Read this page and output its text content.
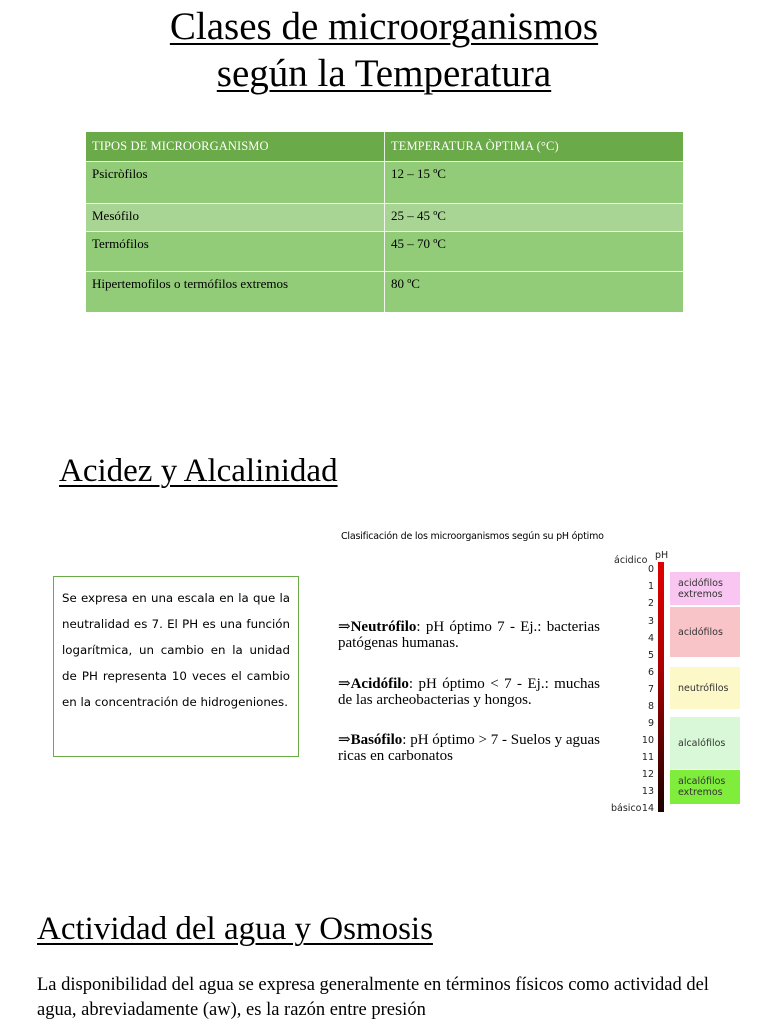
Clases de microorganismos
según la Temperatura
TIPOS DE MICROORGANISMO	TEMPERATURA ÒPTIMA (°C)
Psicròfilos	12 – 15 ºC
Mesófilo	25 – 45 ºC
Termófilos	45 – 70 ºC
Hipertemofilos o termófilos extremos	80 ºC
Acidez y Alcalinidad
Se expresa en una escala en la que la neutralidad es 7. El PH es una función logarítmica, un cambio en la unidad de PH representa 10 veces el cambio en la concentración de hidrogeniones.
Clasificación de los microorganismos según su pH óptimo
⇒Neutrófilo: pH óptimo 7 - Ej.: bacterias patógenas humanas.
⇒Acidófilo: pH óptimo < 7 - Ej.: muchas de las archeobacterias y hongos.
⇒Basófilo: pH óptimo > 7 - Suelos y aguas ricas en carbonatos
ácidico pH
básico
0
1
2
3
4
5
6
7
8
9
10
11
12
13
14
acidófilos extremos
acidófilos
neutrófilos
alcalófilos
alcalófilos extremos
Actividad del agua y Osmosis
La disponibilidad del agua se expresa generalmente en términos físicos como actividad del agua, abreviadamente (aw), es la razón entre presión
